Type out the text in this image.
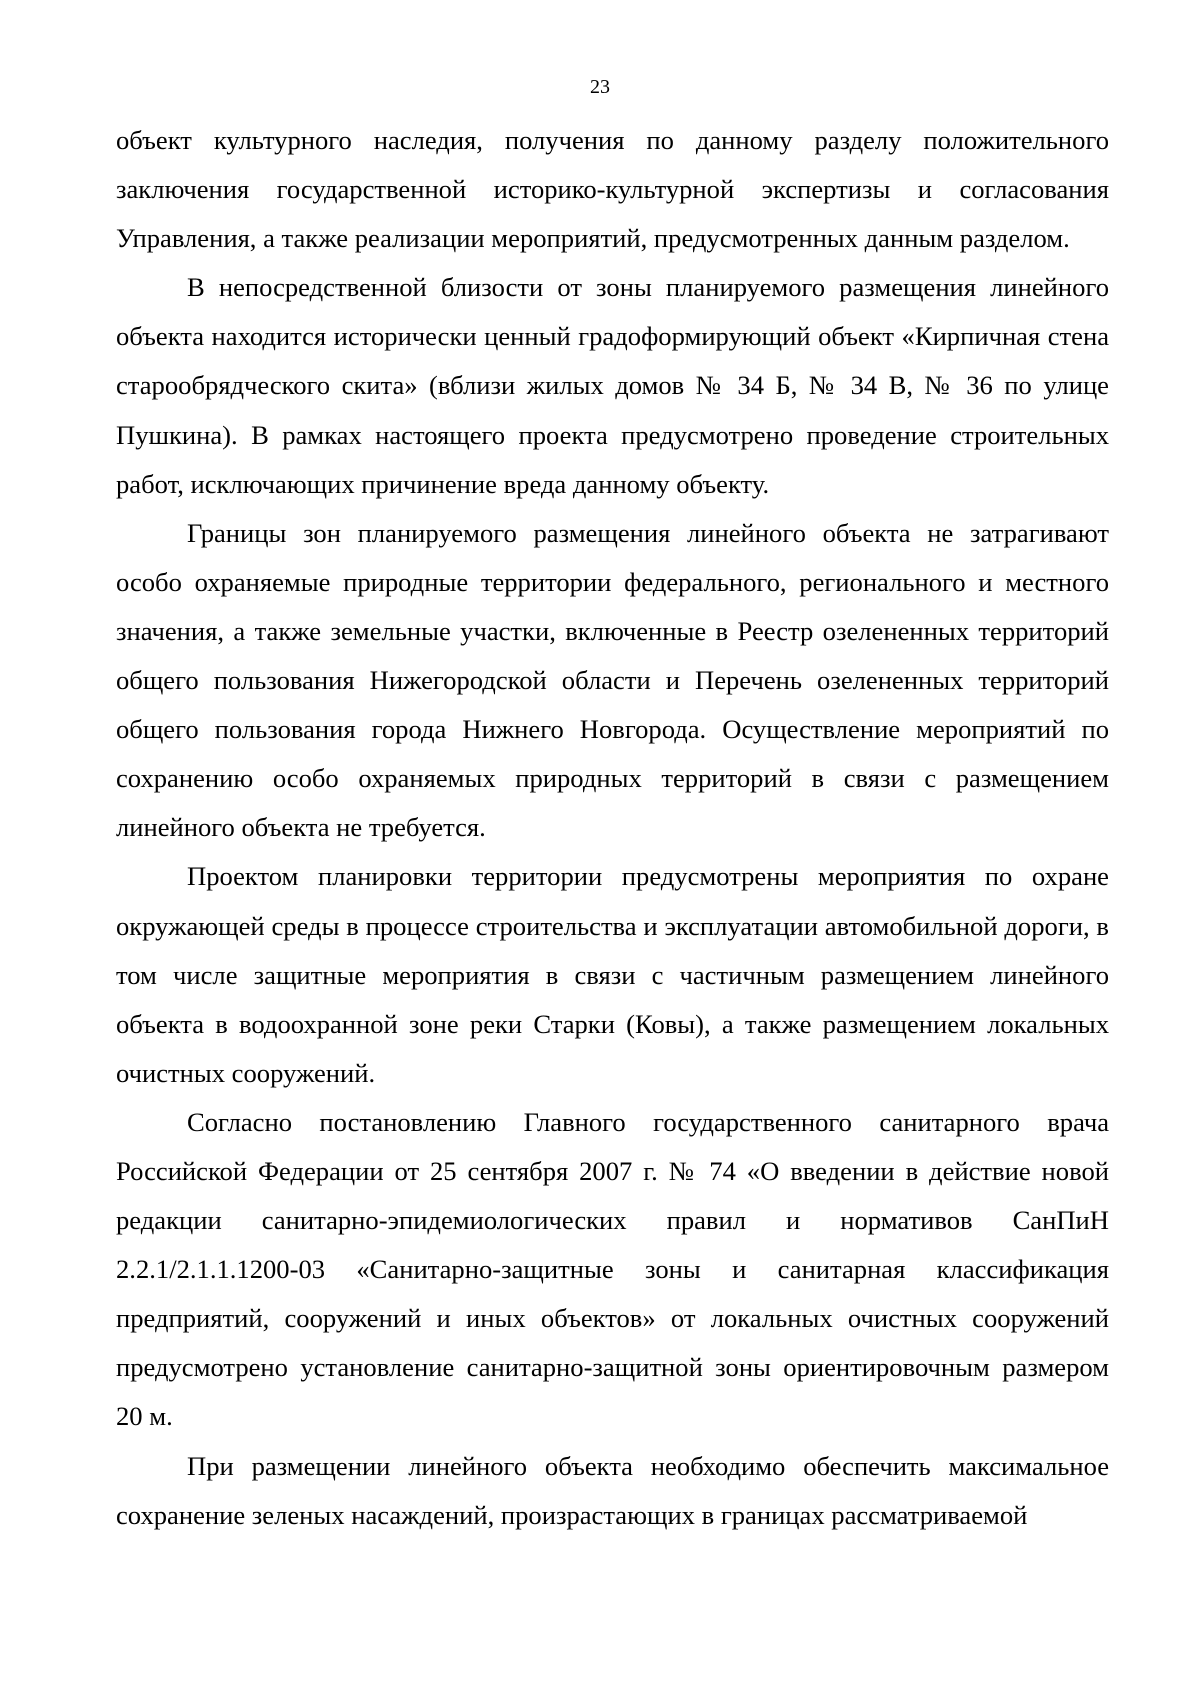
23

объект культурного наследия, получения по данному разделу положительного заключения государственной историко-культурной экспертизы и согласования Управления, а также реализации мероприятий, предусмотренных данным разделом.

В непосредственной близости от зоны планируемого размещения линейного объекта находится исторически ценный градоформирующий объект «Кирпичная стена старообрядческого скита» (вблизи жилых домов № 34 Б, № 34 В, № 36 по улице Пушкина). В рамках настоящего проекта предусмотрено проведение строительных работ, исключающих причинение вреда данному объекту.

Границы зон планируемого размещения линейного объекта не затрагивают особо охраняемые природные территории федерального, регионального и местного значения, а также земельные участки, включенные в Реестр озелененных территорий общего пользования Нижегородской области и Перечень озелененных территорий общего пользования города Нижнего Новгорода. Осуществление мероприятий по сохранению особо охраняемых природных территорий в связи с размещением линейного объекта не требуется.

Проектом планировки территории предусмотрены мероприятия по охране окружающей среды в процессе строительства и эксплуатации автомобильной дороги, в том числе защитные мероприятия в связи с частичным размещением линейного объекта в водоохранной зоне реки Старки (Ковы), а также размещением локальных очистных сооружений.

Согласно постановлению Главного государственного санитарного врача Российской Федерации от 25 сентября 2007 г. № 74 «О введении в действие новой редакции санитарно-эпидемиологических правил и нормативов СанПиН 2.2.1/2.1.1.1200-03 «Санитарно-защитные зоны и санитарная классификация предприятий, сооружений и иных объектов» от локальных очистных сооружений предусмотрено установление санитарно-защитной зоны ориентировочным размером 20 м.

При размещении линейного объекта необходимо обеспечить максимальное сохранение зеленых насаждений, произрастающих в границах рассматриваемой
